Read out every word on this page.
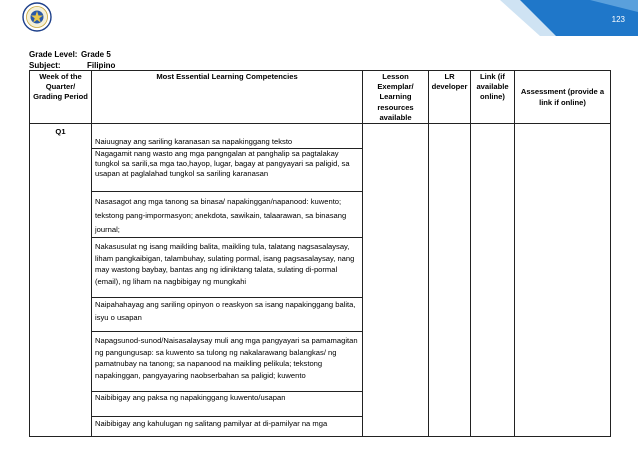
123
Grade Level: Grade 5
Subject:	Filipino
Week of the Quarter/ Grading Period	Most Essential Learning Competencies	Lesson Exemplar/ Learning resources available	LR developer	Link (if available online)	Assessment (provide a link if online)
Q1					
	Naiuugnay ang sariling karanasan sa napakinggang teksto				
	Nagagamit nang wasto ang mga pangngalan at panghalip sa pagtalakay tungkol sa sarili,sa mga tao,hayop, lugar, bagay at pangyayari sa paligid, sa usapan at paglalahad tungkol sa sariling karanasan				
	Nasasagot ang mga tanong sa binasa/ napakinggan/napanood: kuwento; tekstong pang-impormasyon; anekdota, sawikain, talaarawan, sa binasang journal;				
	Nakasusulat ng isang maikling balita, maikling tula, talatang nagsasalaysay, liham pangkaibigan, talambuhay, sulating pormal, isang pagsasalaysay, nang may wastong baybay, bantas ang ng idiniktang talata, sulating di-pormal (email), ng liham na nagbibigay ng mungkahi				
	Naipahahayag ang sariling opinyon o reaskyon sa isang napakinggang balita, isyu o usapan				
	Napagsunod-sunod/Naisasalaysay muli ang mga pangyayari sa pamamagitan ng pangungusap: sa kuwento sa tulong ng nakalarawang balangkas/ ng pamatnubay na tanong; sa napanood na maikling pelikula; tekstong napakinggan, pangyayaring naobserbahan sa paligid; kuwento				
	Naibibigay ang paksa ng napakinggang kuwento/usapan				
	Naibibigay ang kahulugan ng salitang pamilyar at di-pamilyar na mga				
